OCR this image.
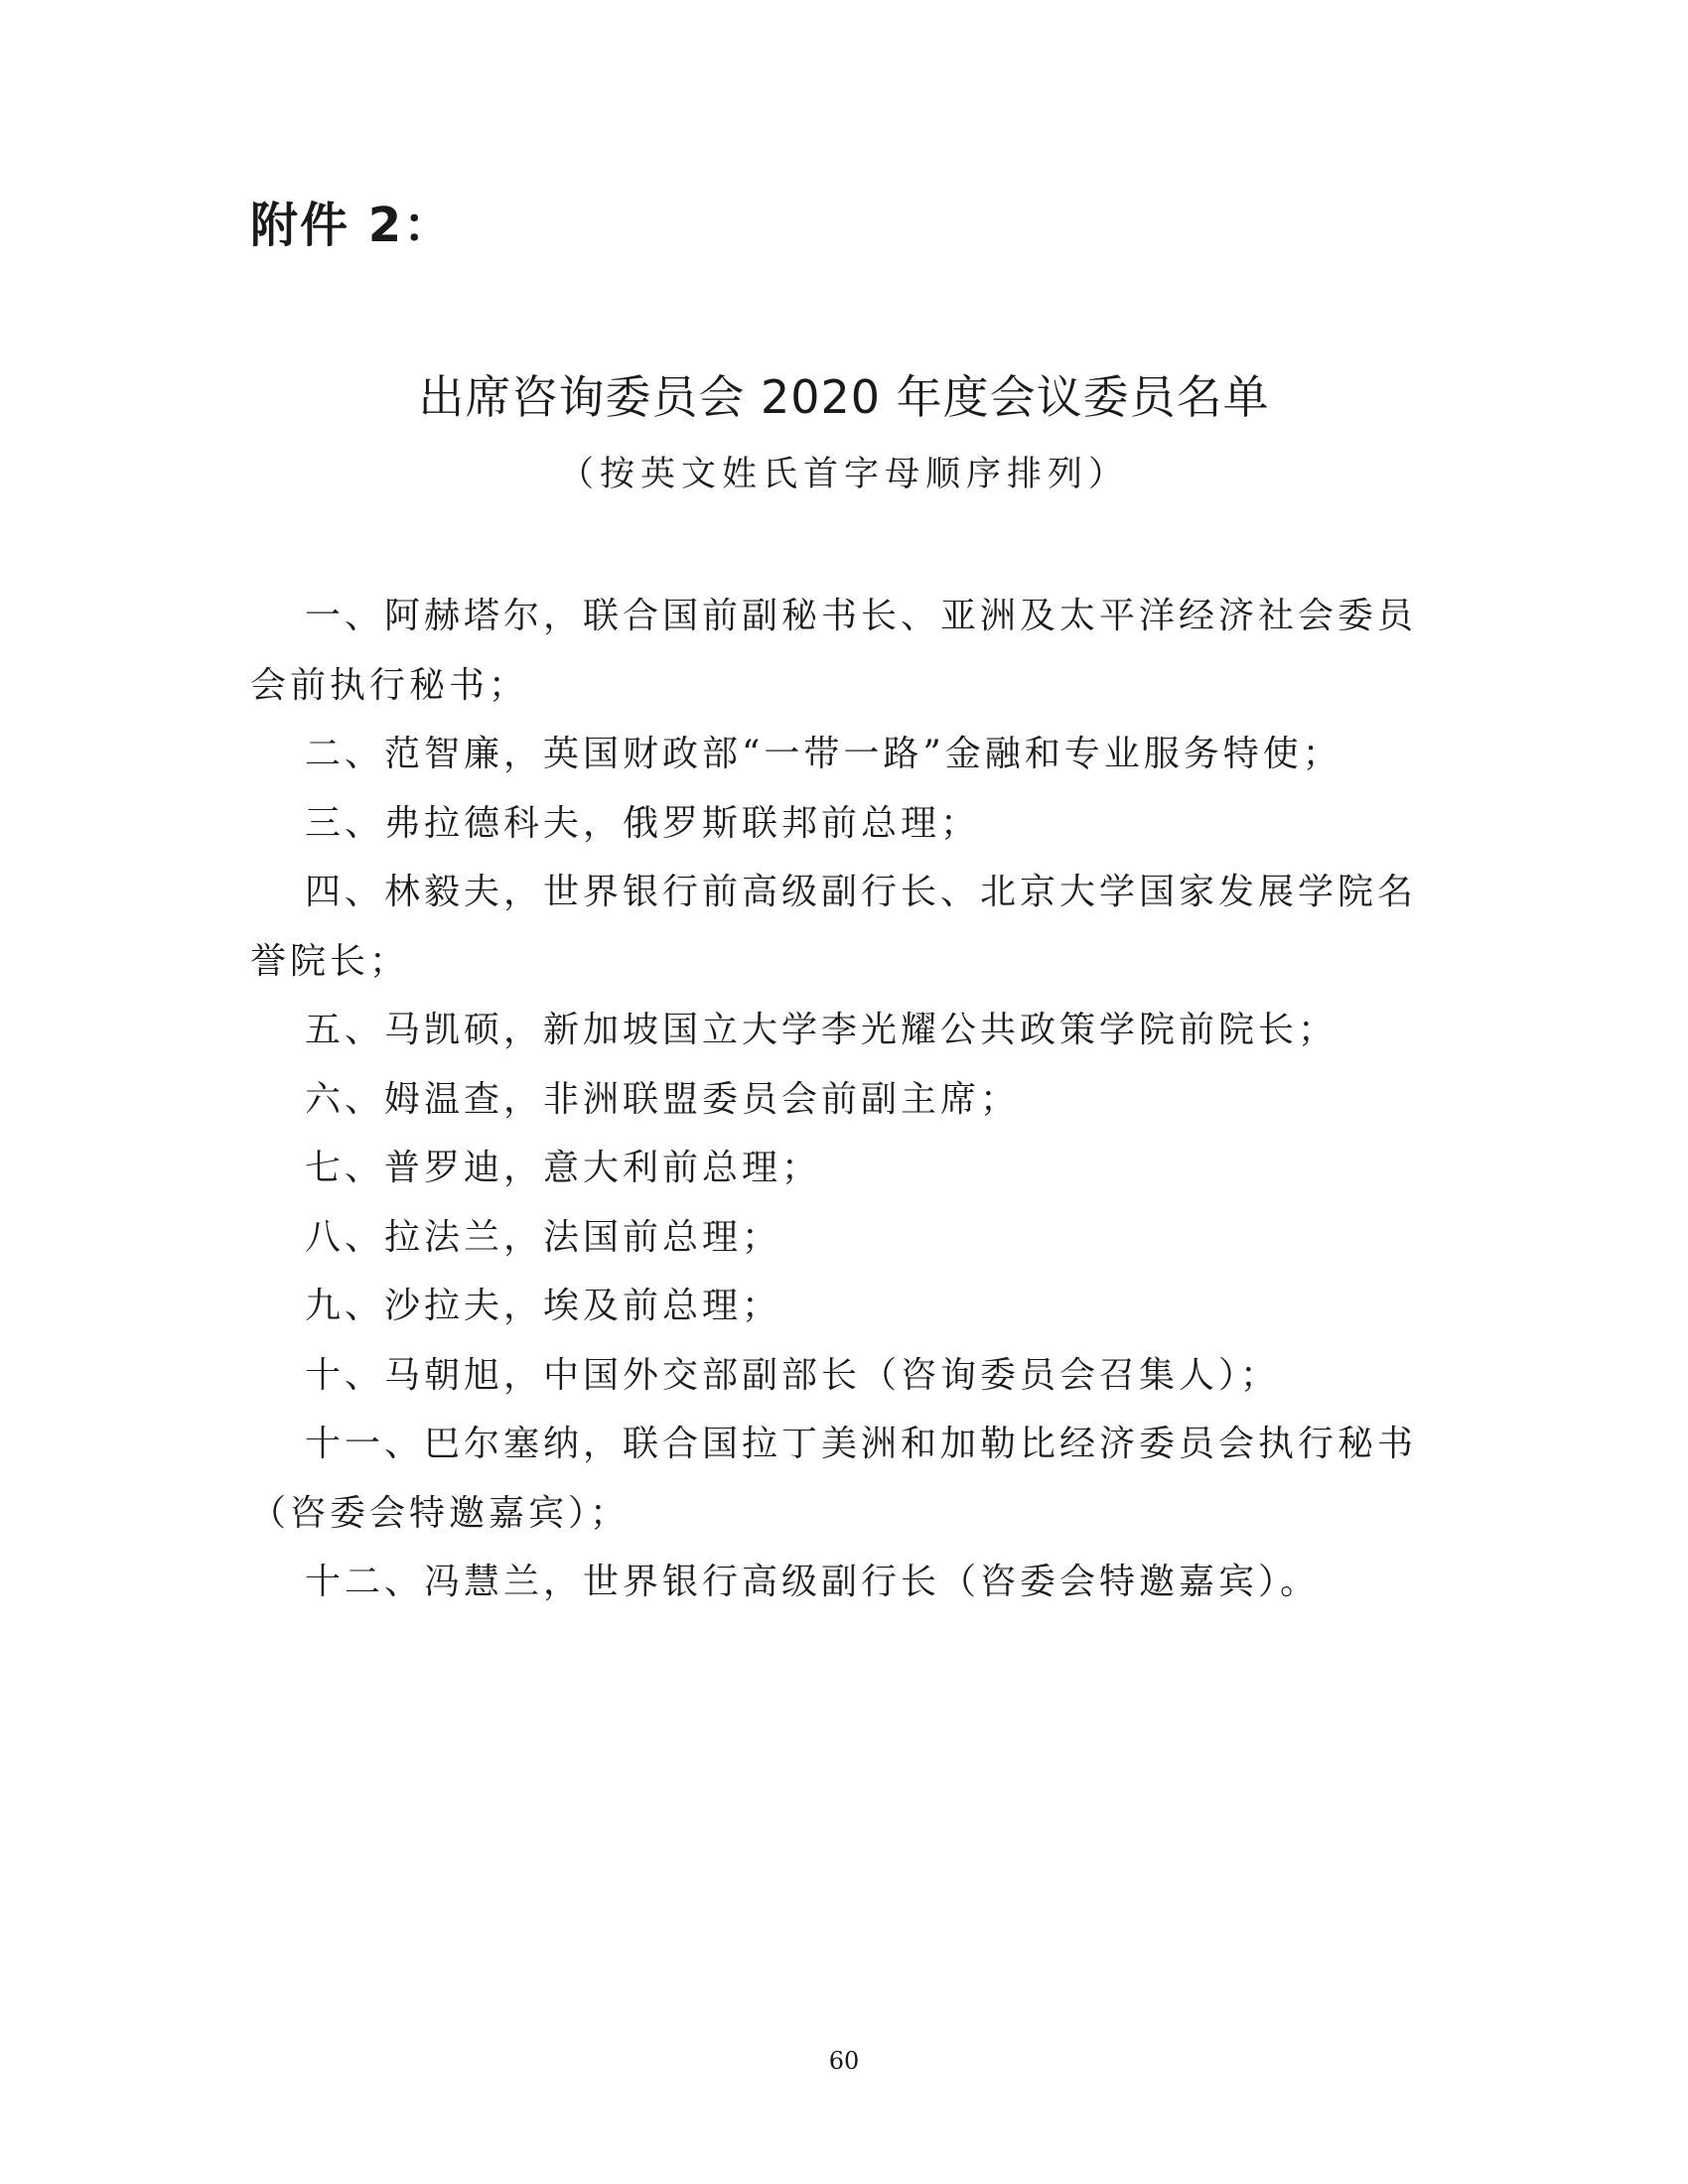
附件 2：
出席咨询委员会 2020 年度会议委员名单
（按英文姓氏首字母顺序排列）

一、阿赫塔尔，联合国前副秘书长、亚洲及太平洋经济社会委员会前执行秘书；

二、范智廉，英国财政部“一带一路”金融和专业服务特使；

三、弗拉德科夫，俄罗斯联邦前总理；

四、林毅夫，世界银行前高级副行长、北京大学国家发展学院名誉院长；

五、马凯硕，新加坡国立大学李光耀公共政策学院前院长；

六、姆温查，非洲联盟委员会前副主席；

七、普罗迪，意大利前总理；

八、拉法兰，法国前总理；

九、沙拉夫，埃及前总理；

十、马朝旭，中国外交部副部长（咨询委员会召集人）；

十一、巴尔塞纳，联合国拉丁美洲和加勒比经济委员会执行秘书（咨委会特邀嘉宾）；

十二、冯慧兰，世界银行高级副行长（咨委会特邀嘉宾）。

60
